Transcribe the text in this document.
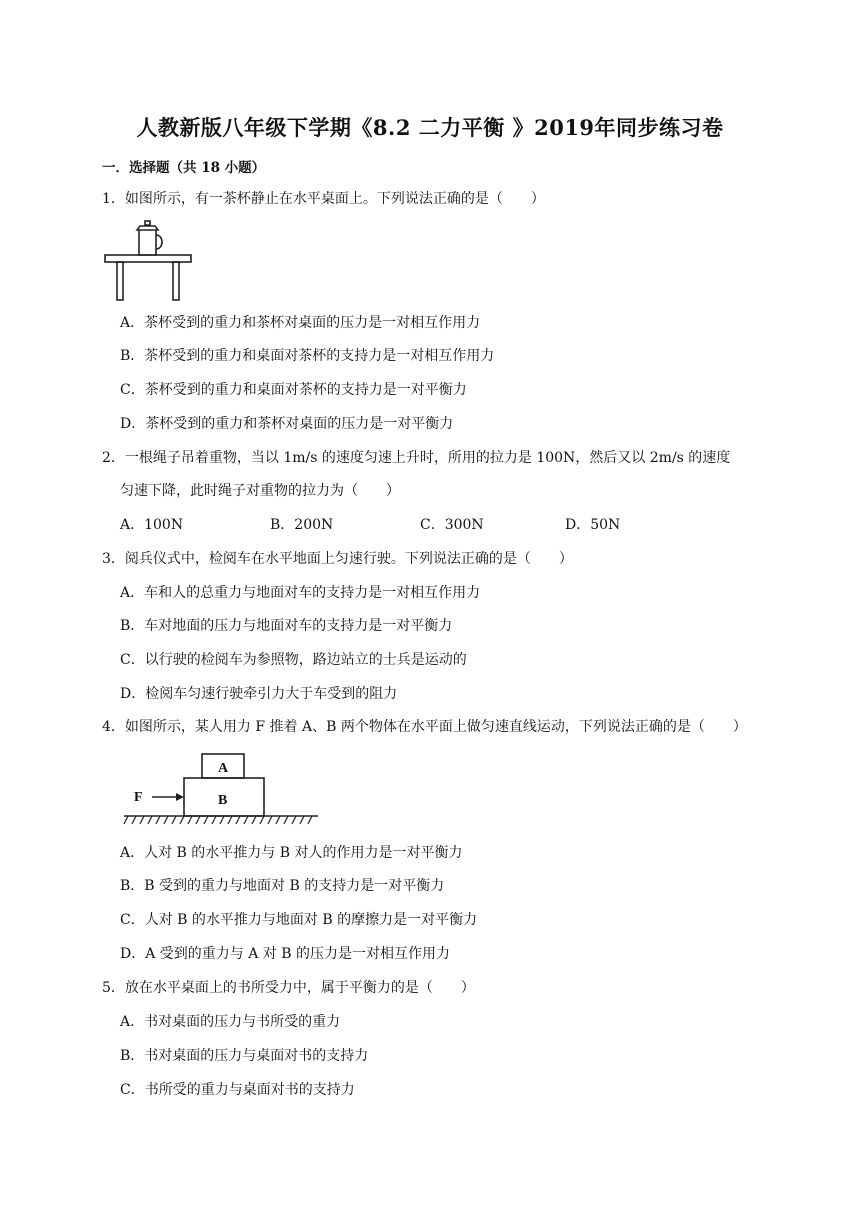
人教新版八年级下学期《8.2 二力平衡 》2019年同步练习卷
一．选择题（共 18 小题）
1．如图所示，有一茶杯静止在水平桌面上。下列说法正确的是（　　）
A．茶杯受到的重力和茶杯对桌面的压力是一对相互作用力
B．茶杯受到的重力和桌面对茶杯的支持力是一对相互作用力
C．茶杯受到的重力和桌面对茶杯的支持力是一对平衡力
D．茶杯受到的重力和茶杯对桌面的压力是一对平衡力
2．一根绳子吊着重物，当以 1m/s 的速度匀速上升时，所用的拉力是 100N，然后又以 2m/s 的速度
匀速下降，此时绳子对重物的拉力为（　　）
A．100N	B．200N	C．300N	D．50N
3．阅兵仪式中，检阅车在水平地面上匀速行驶。下列说法正确的是（　　）
A．车和人的总重力与地面对车的支持力是一对相互作用力
B．车对地面的压力与地面对车的支持力是一对平衡力
C．以行驶的检阅车为参照物，路边站立的士兵是运动的
D．检阅车匀速行驶牵引力大于车受到的阻力
4．如图所示，某人用力 F 推着 A、B 两个物体在水平面上做匀速直线运动，下列说法正确的是（　　）
A
B
F
A．人对 B 的水平推力与 B 对人的作用力是一对平衡力
B．B 受到的重力与地面对 B 的支持力是一对平衡力
C．人对 B 的水平推力与地面对 B 的摩擦力是一对平衡力
D．A 受到的重力与 A 对 B 的压力是一对相互作用力
5．放在水平桌面上的书所受力中，属于平衡力的是（　　）
A．书对桌面的压力与书所受的重力
B．书对桌面的压力与桌面对书的支持力
C．书所受的重力与桌面对书的支持力
